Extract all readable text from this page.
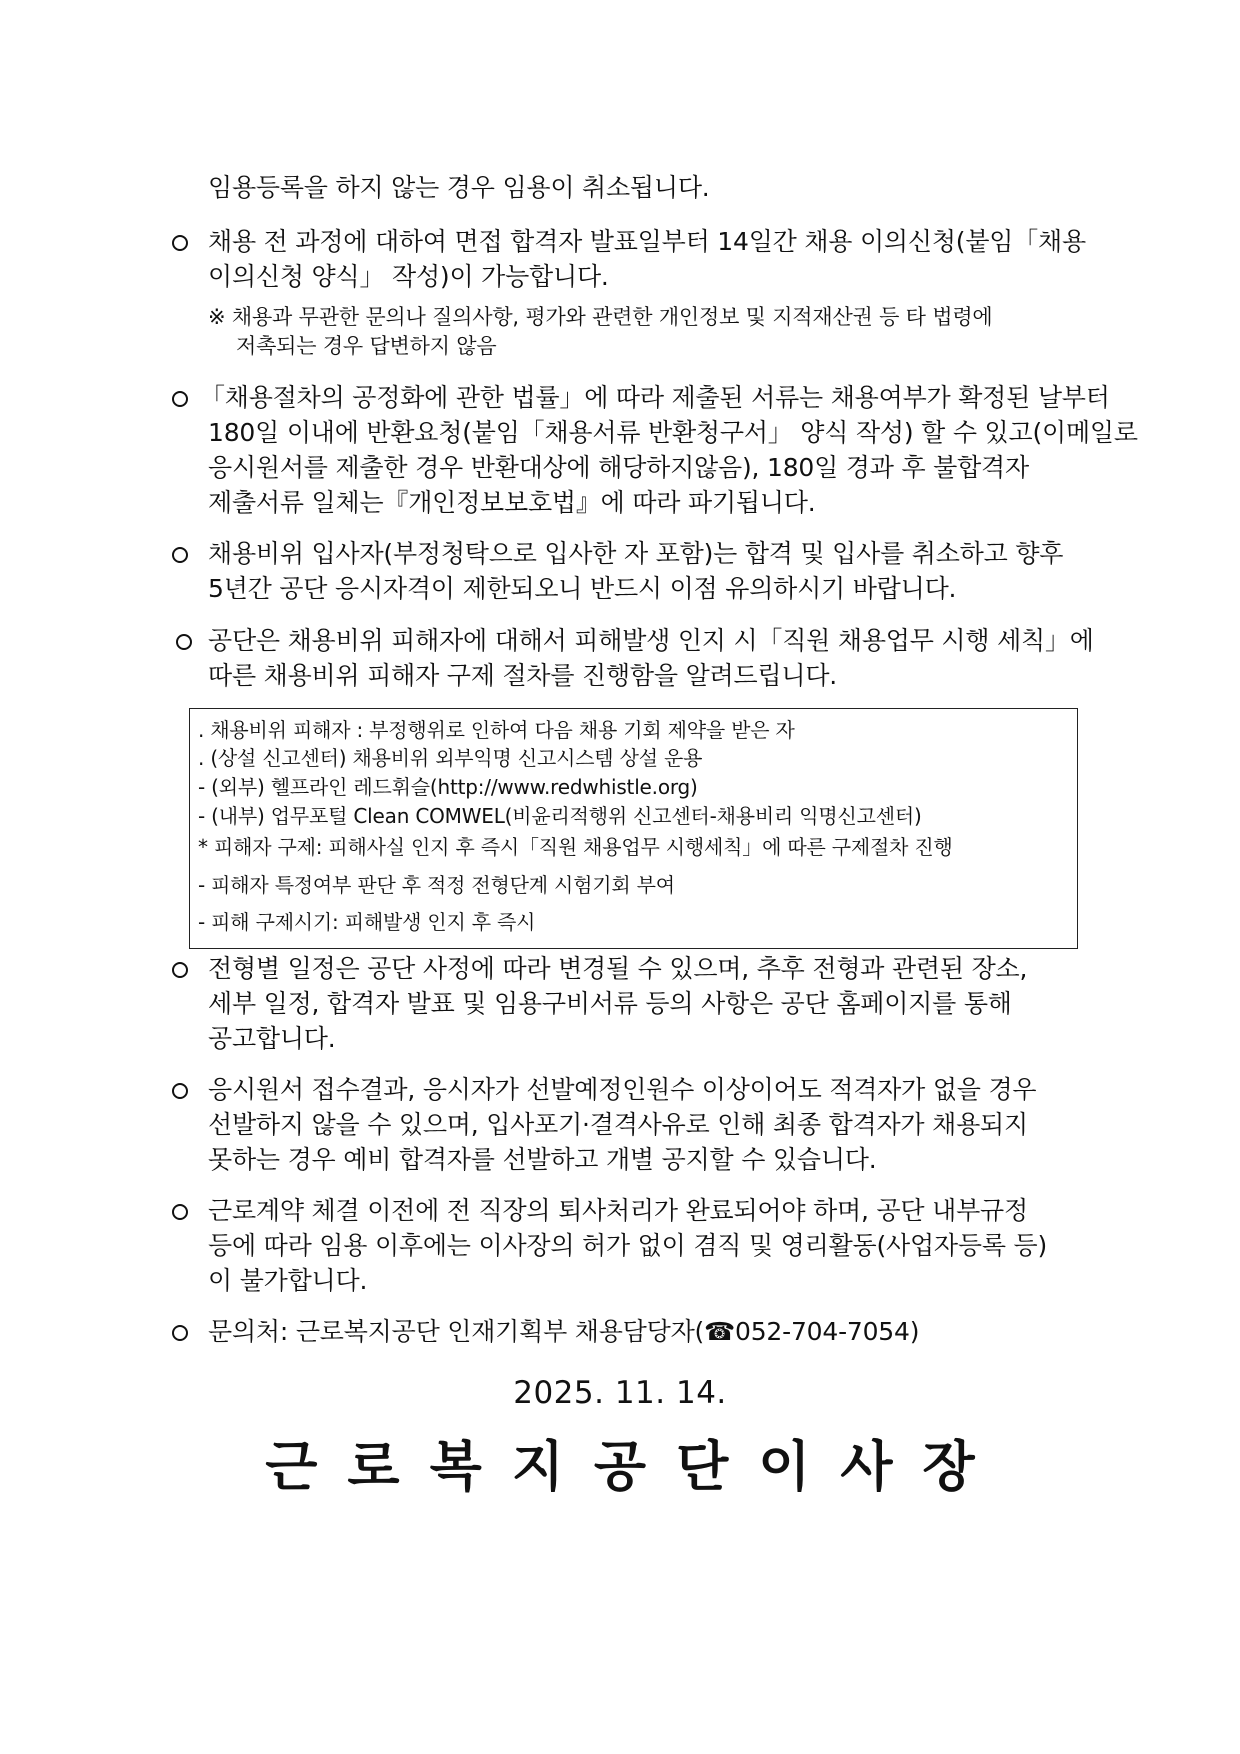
임용등록을 하지 않는 경우 임용이 취소됩니다.
채용 전 과정에 대하여 면접 합격자 발표일부터 14일간 채용 이의신청(붙임「채용
이의신청 양식」 작성)이 가능합니다.
※ 채용과 무관한 문의나 질의사항, 평가와 관련한 개인정보 및 지적재산권 등 타 법령에
저촉되는 경우 답변하지 않음
「채용절차의 공정화에 관한 법률」에 따라 제출된 서류는 채용여부가 확정된 날부터
180일 이내에 반환요청(붙임「채용서류 반환청구서」 양식 작성) 할 수 있고(이메일로
응시원서를 제출한 경우 반환대상에 해당하지않음), 180일 경과 후 불합격자
제출서류 일체는『개인정보보호법』에 따라 파기됩니다.
채용비위 입사자(부정청탁으로 입사한 자 포함)는 합격 및 입사를 취소하고 향후
5년간 공단 응시자격이 제한되오니 반드시 이점 유의하시기 바랍니다.
공단은 채용비위 피해자에 대해서 피해발생 인지 시「직원 채용업무 시행 세칙」에
따른 채용비위 피해자 구제 절차를 진행함을 알려드립니다.
. 채용비위 피해자 : 부정행위로 인하여 다음 채용 기회 제약을 받은 자
. (상설 신고센터) 채용비위 외부익명 신고시스템 상설 운용
- (외부) 헬프라인 레드휘슬(http://www.redwhistle.org)
- (내부) 업무포털 Clean COMWEL(비윤리적행위 신고센터-채용비리 익명신고센터)
* 피해자 구제: 피해사실 인지 후 즉시「직원 채용업무 시행세칙」에 따른 구제절차 진행
- 피해자 특정여부 판단 후 적정 전형단계 시험기회 부여
- 피해 구제시기: 피해발생 인지 후 즉시
전형별 일정은 공단 사정에 따라 변경될 수 있으며, 추후 전형과 관련된 장소,
세부 일정, 합격자 발표 및 임용구비서류 등의 사항은 공단 홈페이지를 통해
공고합니다.
응시원서 접수결과, 응시자가 선발예정인원수 이상이어도 적격자가 없을 경우
선발하지 않을 수 있으며, 입사포기·결격사유로 인해 최종 합격자가 채용되지
못하는 경우 예비 합격자를 선발하고 개별 공지할 수 있습니다.
근로계약 체결 이전에 전 직장의 퇴사처리가 완료되어야 하며, 공단 내부규정
등에 따라 임용 이후에는 이사장의 허가 없이 겸직 및 영리활동(사업자등록 등)
이 불가합니다.
문의처: 근로복지공단 인재기획부 채용담당자(☎052-704-7054)
2025. 11. 14.
근로복지공단이사장
